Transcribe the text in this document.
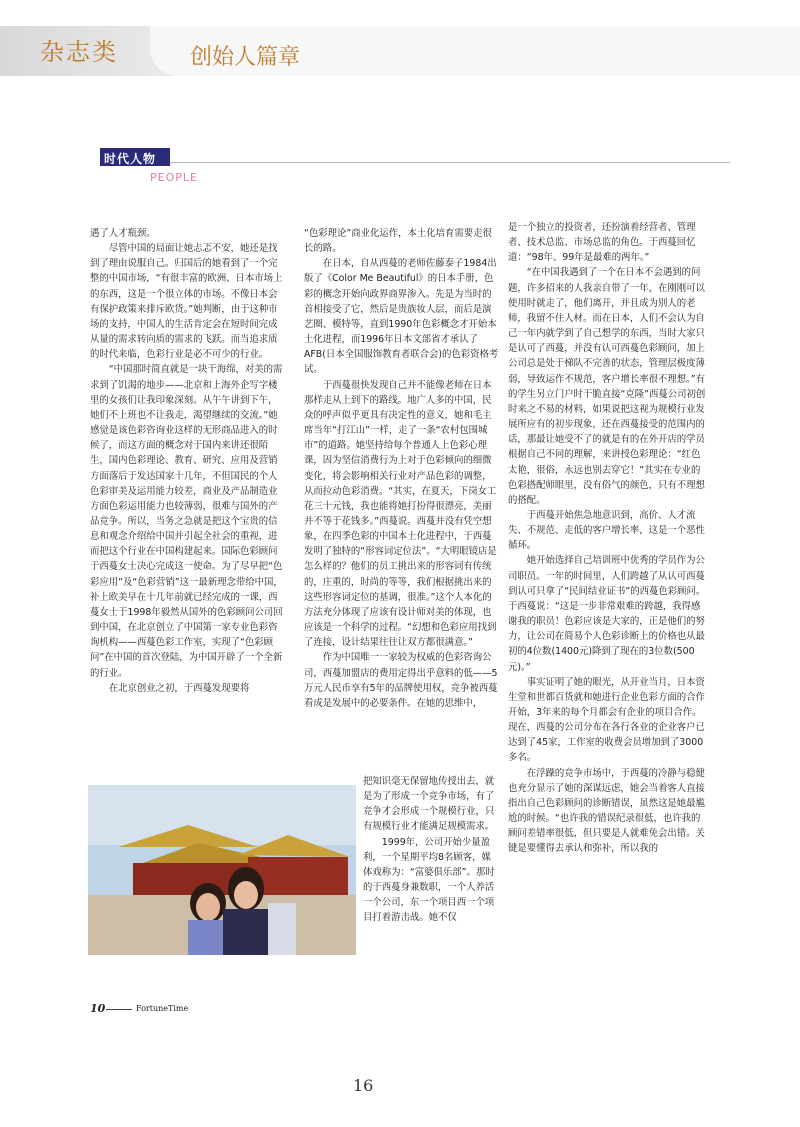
杂志类	创始人篇章
时代人物
PEOPLE

遇了人才瓶颈。

尽管中国的局面让她忐忑不安，她还是找到了理由说服自己。归国后的她看到了一个完整的中国市场，“有很丰富的欧洲、日本市场上的东西，这是一个很立体的市场。不像日本会有保护政策来排斥欧货。”她判断，由于这种市场的支持，中国人的生活肯定会在短时间完成从量的需求转向质的需求的飞跃。而当追求质的时代来临，色彩行业是必不可少的行业。

“中国那时简直就是一块干海绵，对美的需求到了饥渴的地步——北京和上海外企写字楼里的女孩们让我印象深刻。从午午讲到下午，她们不上班也不让我走，渴望继续的交流。”她感觉是该色彩咨询业这样的无形商品进入的时候了，而这方面的概念对于国内来讲还很陌生，国内色彩理论、教育、研究、应用及营销方面落后于发达国家十几年，不但国民的个人色彩审美及运用能力较差，商业及产品制造业方面色彩运用能力也较薄弱，很难与国外的产品竞争。所以，当务之急就是把这个宝贵的信息和观念介绍给中国并引起全社会的重视，进而把这个行业在中国构建起来。国际色彩顾问于西蔓女士决心完成这一使命。为了尽早把“色彩应用”及“色彩营销”这一最新理念带给中国，补上欧美早在十几年前就已经完成的一课，西蔓女士于1998年毅然从国外的色彩顾问公司回到中国，在北京创立了中国第一家专业色彩咨询机构——西蔓色彩工作室，实现了“色彩顾问”在中国的首次登陆，为中国开辟了一个全新的行业。

在北京创业之初，于西蔓发现要将

“色彩理论”商业化运作，本土化培育需要走很长的路。

在日本，自从西蔓的老师佐藤泰子1984出版了《Color Me Beautiful》的日本手册，色彩的概念开始向政界商界渗入。先是为当时的首相接受了它，然后是贵族妆人层，而后是演艺圈、模特等，直到1990年色彩概念才开始本土化进程，而1996年日本文部省才承认了AFB(日本全国服饰教育者联合会)的色彩资格考试。

于西蔓很快发现自己并不能像老师在日本那样走从上到下的路线。地广人多的中国，民众的呼声似乎更具有决定性的意义，她和毛主席当年“打江山”一样，走了一条“农村包围城市”的道路。她坚持给每个普通人上色彩心理课，因为坚信消费行为上对于色彩倾向的细微变化，将会影响相关行业对产品色彩的调整，从而拉动色彩消费。“其实，在夏天，下岗女工花三十元钱，我也能将她打扮得很漂亮，美丽并不等于花钱多。”西蔓说。西蔓并没有凭空想象，在四季色彩的中国本土化进程中，于西蔓发明了独特的“形容词定位法”。“大明眼镜店是怎么样的？他们的员工挑出来的形容词有传统的，庄重的，时尚的等等，我们根据挑出来的这些形容词定位的基调，很准。”这个人本化的方法充分体现了应该有设计师对美的体现，也应该是一个科学的过程。“幻想和色彩应用找到了连接，设计结果往往让双方都很满意。”

作为中国唯一一家较为权威的色彩咨询公司，西蔓加盟店的费用定得出乎意料的低——5万元人民币享有5年的品牌使用权，竞争被西蔓看成是发展中的必要条件。在她的思维中，

把知识毫无保留地传授出去，就是为了形成一个竞争市场，有了竞争才会形成一个规模行业，只有规模行业才能满足规模需求。

1999年，公司开始少量盈利，一个星期平均8名顾客，媒体戏称为：“富婆俱乐部”。那时的于西蔓身兼数职，一个人养活一个公司，东一个项目西一个项目打着游击战。她不仅

是一个独立的投资者，还扮演着经营者、管理者、技术总监、市场总监的角色。于西蔓回忆道：“98年、99年是最难的两年。”

“在中国我遇到了一个在日本不会遇到的问题，许多招来的人我亲自带了一年，在刚刚可以使用时就走了，他们离开，并且成为别人的老师，我留不住人材。而在日本，人们不会认为自己一年内就学到了自己想学的东西，当时大家只是认可了西蔓，并没有认可西蔓色彩顾问，加上公司总是处于梯队不完善的状态，管理层极度薄弱，导致运作不规范，客户增长率很不理想。”有的学生另立门户时干脆直接“克隆”西蔓公司初创时来之不易的材料，如果说把这视为规模行业发展所应有的初步现象，还在西蔓接受的范围内的话，那最让她受不了的就是有的在外开店的学员根据自己不同的理解，来讲授色彩理论：“红色太艳，很俗，永远也别去穿它！”其实在专业的色彩搭配师眼里，没有俗气的颜色，只有不理想的搭配。

于西蔓开始焦急地意识到，高价、人才流失、不规范、走低的客户增长率，这是一个恶性循环。

她开始选择自己培训班中优秀的学员作为公司职员。一年的时间里，人们跨越了从认可西蔓到认可只拿了“民间结业证书”的西蔓色彩顾问。于西蔓说：“这是一步非常艰难的跨越，我得感谢我的职员！色彩应该是大家的，正是他们的努力，让公司在简易个人色彩诊断上的价格也从最初的4位数(1400元)降到了现在的3位数(500元)。”

事实证明了她的眼光，从开业当月，日本资生堂和世都百货就和她进行企业色彩方面的合作开始，3年来的每个月都会有企业的项目合作。现在，西蔓的公司分布在各行各业的企业客户已达到了45家，工作室的收费会员增加到了3000多名。

在浮躁的竞争市场中，于西蔓的冷静与稳健也充分显示了她的深谋远虑，她会当着客人直接指出自己色彩顾问的诊断错误，虽然这是她最尴尬的时候。“也许我的错误纪录很低，也许我的顾问差错率很低，但只要是人就难免会出错。关键是要懂得去承认和弥补，所以我的

10	FortuneTime
16
